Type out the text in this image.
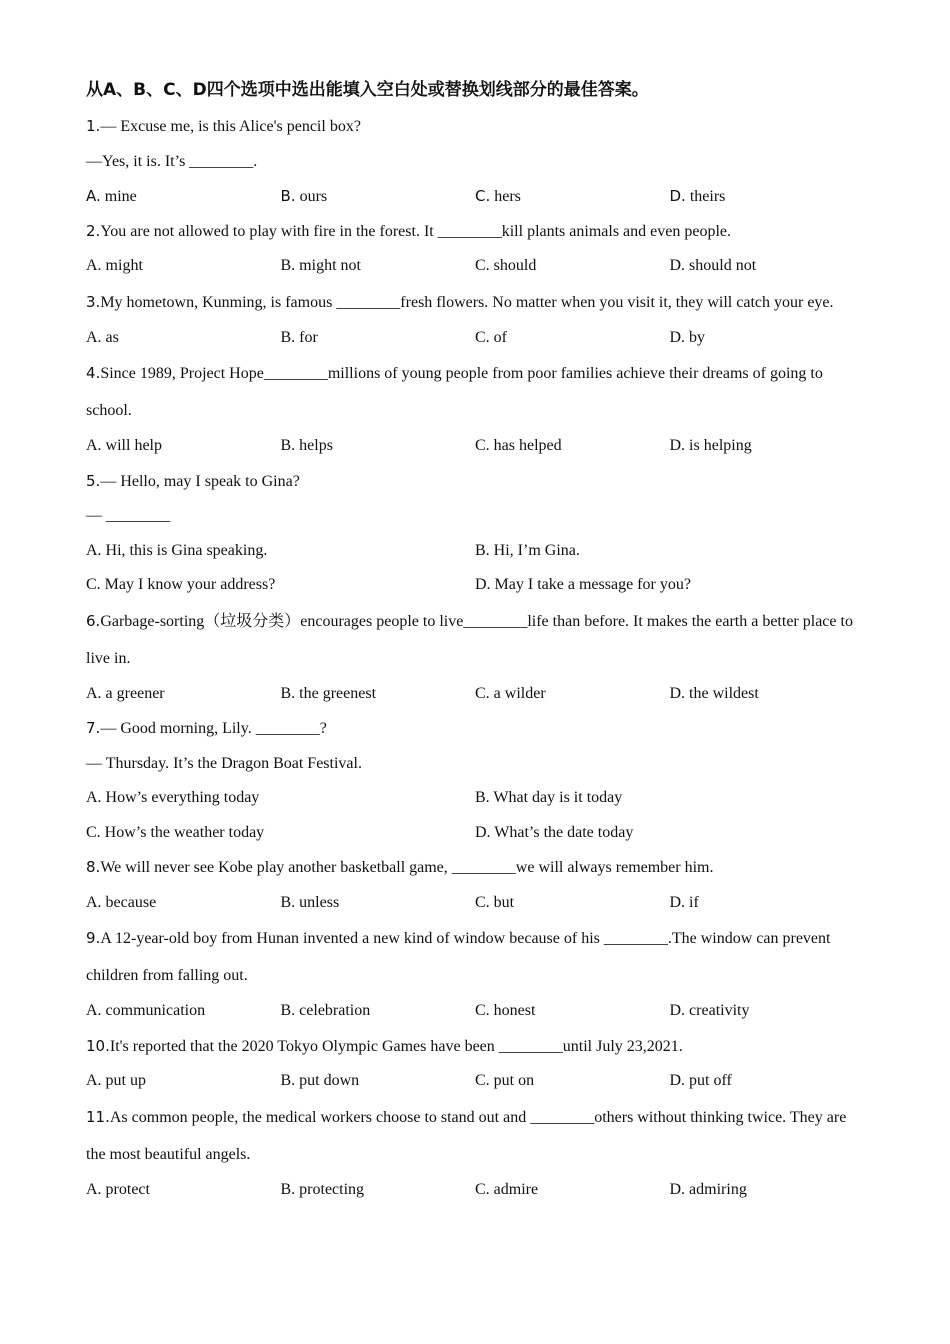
从A、B、C、D四个选项中选出能填入空白处或替换划线部分的最佳答案。
1.— Excuse me, is this Alice's pencil box?
—Yes, it is. It’s ________.
A. mine	B. ours	C. hers	D. theirs
2.You are not allowed to play with fire in the forest. It ________kill plants animals and even people.
A. might	B. might not	C. should	D. should not
3.My hometown, Kunming, is famous ________fresh flowers. No matter when you visit it, they will catch your eye.
A. as	B. for	C. of	D. by
4.Since 1989, Project Hope________millions of young people from poor families achieve their dreams of going to school.
A. will help	B. helps	C. has helped	D. is helping
5.— Hello, may I speak to Gina?
— ________
A. Hi, this is Gina speaking.	B. Hi, I’m Gina.
C. May I know your address?	D. May I take a message for you?
6.Garbage-sorting（垃圾分类）encourages people to live________life than before. It makes the earth a better place to live in.
A. a greener	B. the greenest	C. a wilder	D. the wildest
7.— Good morning, Lily. ________?
— Thursday. It’s the Dragon Boat Festival.
A. How’s everything today	B. What day is it today
C. How’s the weather today	D. What’s the date today
8.We will never see Kobe play another basketball game, ________we will always remember him.
A. because	B. unless	C. but	D. if
9.A 12-year-old boy from Hunan invented a new kind of window because of his ________.The window can prevent children from falling out.
A. communication	B. celebration	C. honest	D. creativity
10.It's reported that the 2020 Tokyo Olympic Games have been ________until July 23,2021.
A. put up	B. put down	C. put on	D. put off
11.As common people, the medical workers choose to stand out and ________others without thinking twice. They are the most beautiful angels.
A. protect	B. protecting	C. admire	D. admiring
